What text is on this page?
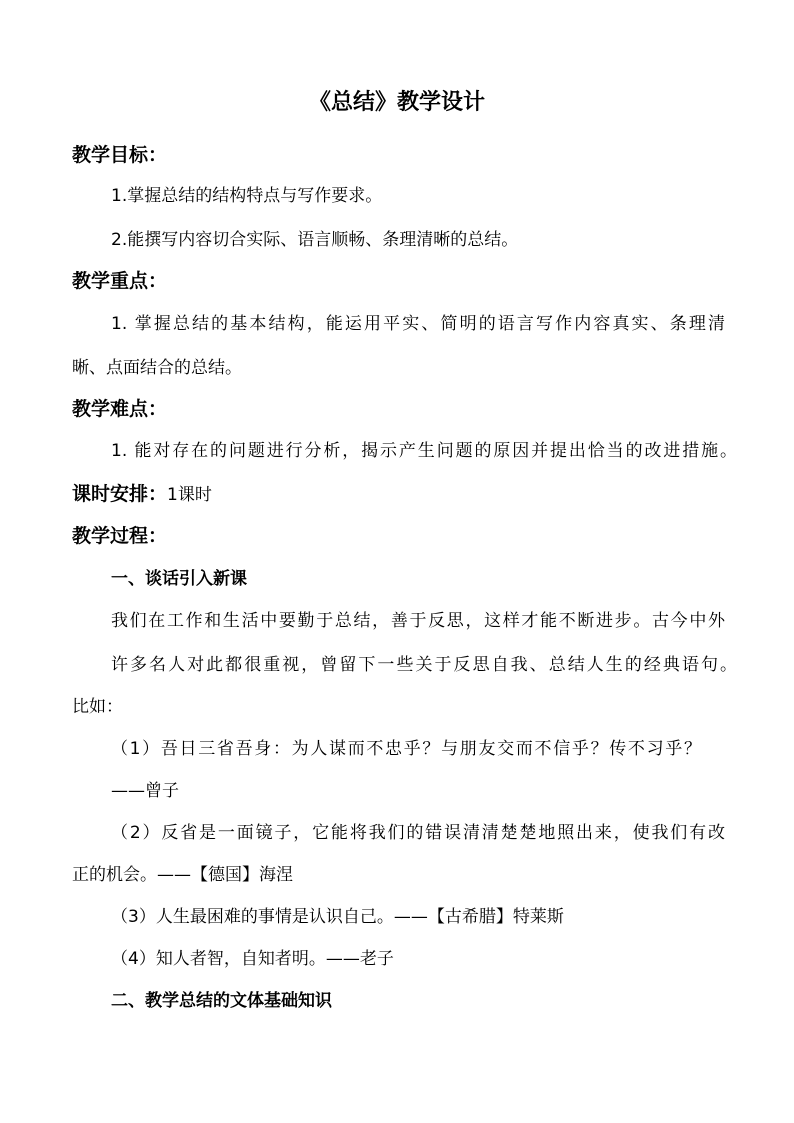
《总结》教学设计
教学目标：
1.掌握总结的结构特点与写作要求。
2.能撰写内容切合实际、语言顺畅、条理清晰的总结。
教学重点：
1. 掌握总结的基本结构，能运用平实、简明的语言写作内容真实、条理清
晰、点面结合的总结。
教学难点：
1. 能对存在的问题进行分析，揭示产生问题的原因并提出恰当的改进措施。
课时安排：1课时
教学过程：
一、谈话引入新课
我们在工作和生活中要勤于总结，善于反思，这样才能不断进步。古今中外
许多名人对此都很重视，曾留下一些关于反思自我、总结人生的经典语句。
比如：
（1）吾日三省吾身：为人谋而不忠乎？与朋友交而不信乎？传不习乎？
——曾子
（2）反省是一面镜子，它能将我们的错误清清楚楚地照出来，使我们有改
正的机会。——【德国】海涅
（3）人生最困难的事情是认识自己。——【古希腊】特莱斯
（4）知人者智，自知者明。——老子
二、教学总结的文体基础知识
